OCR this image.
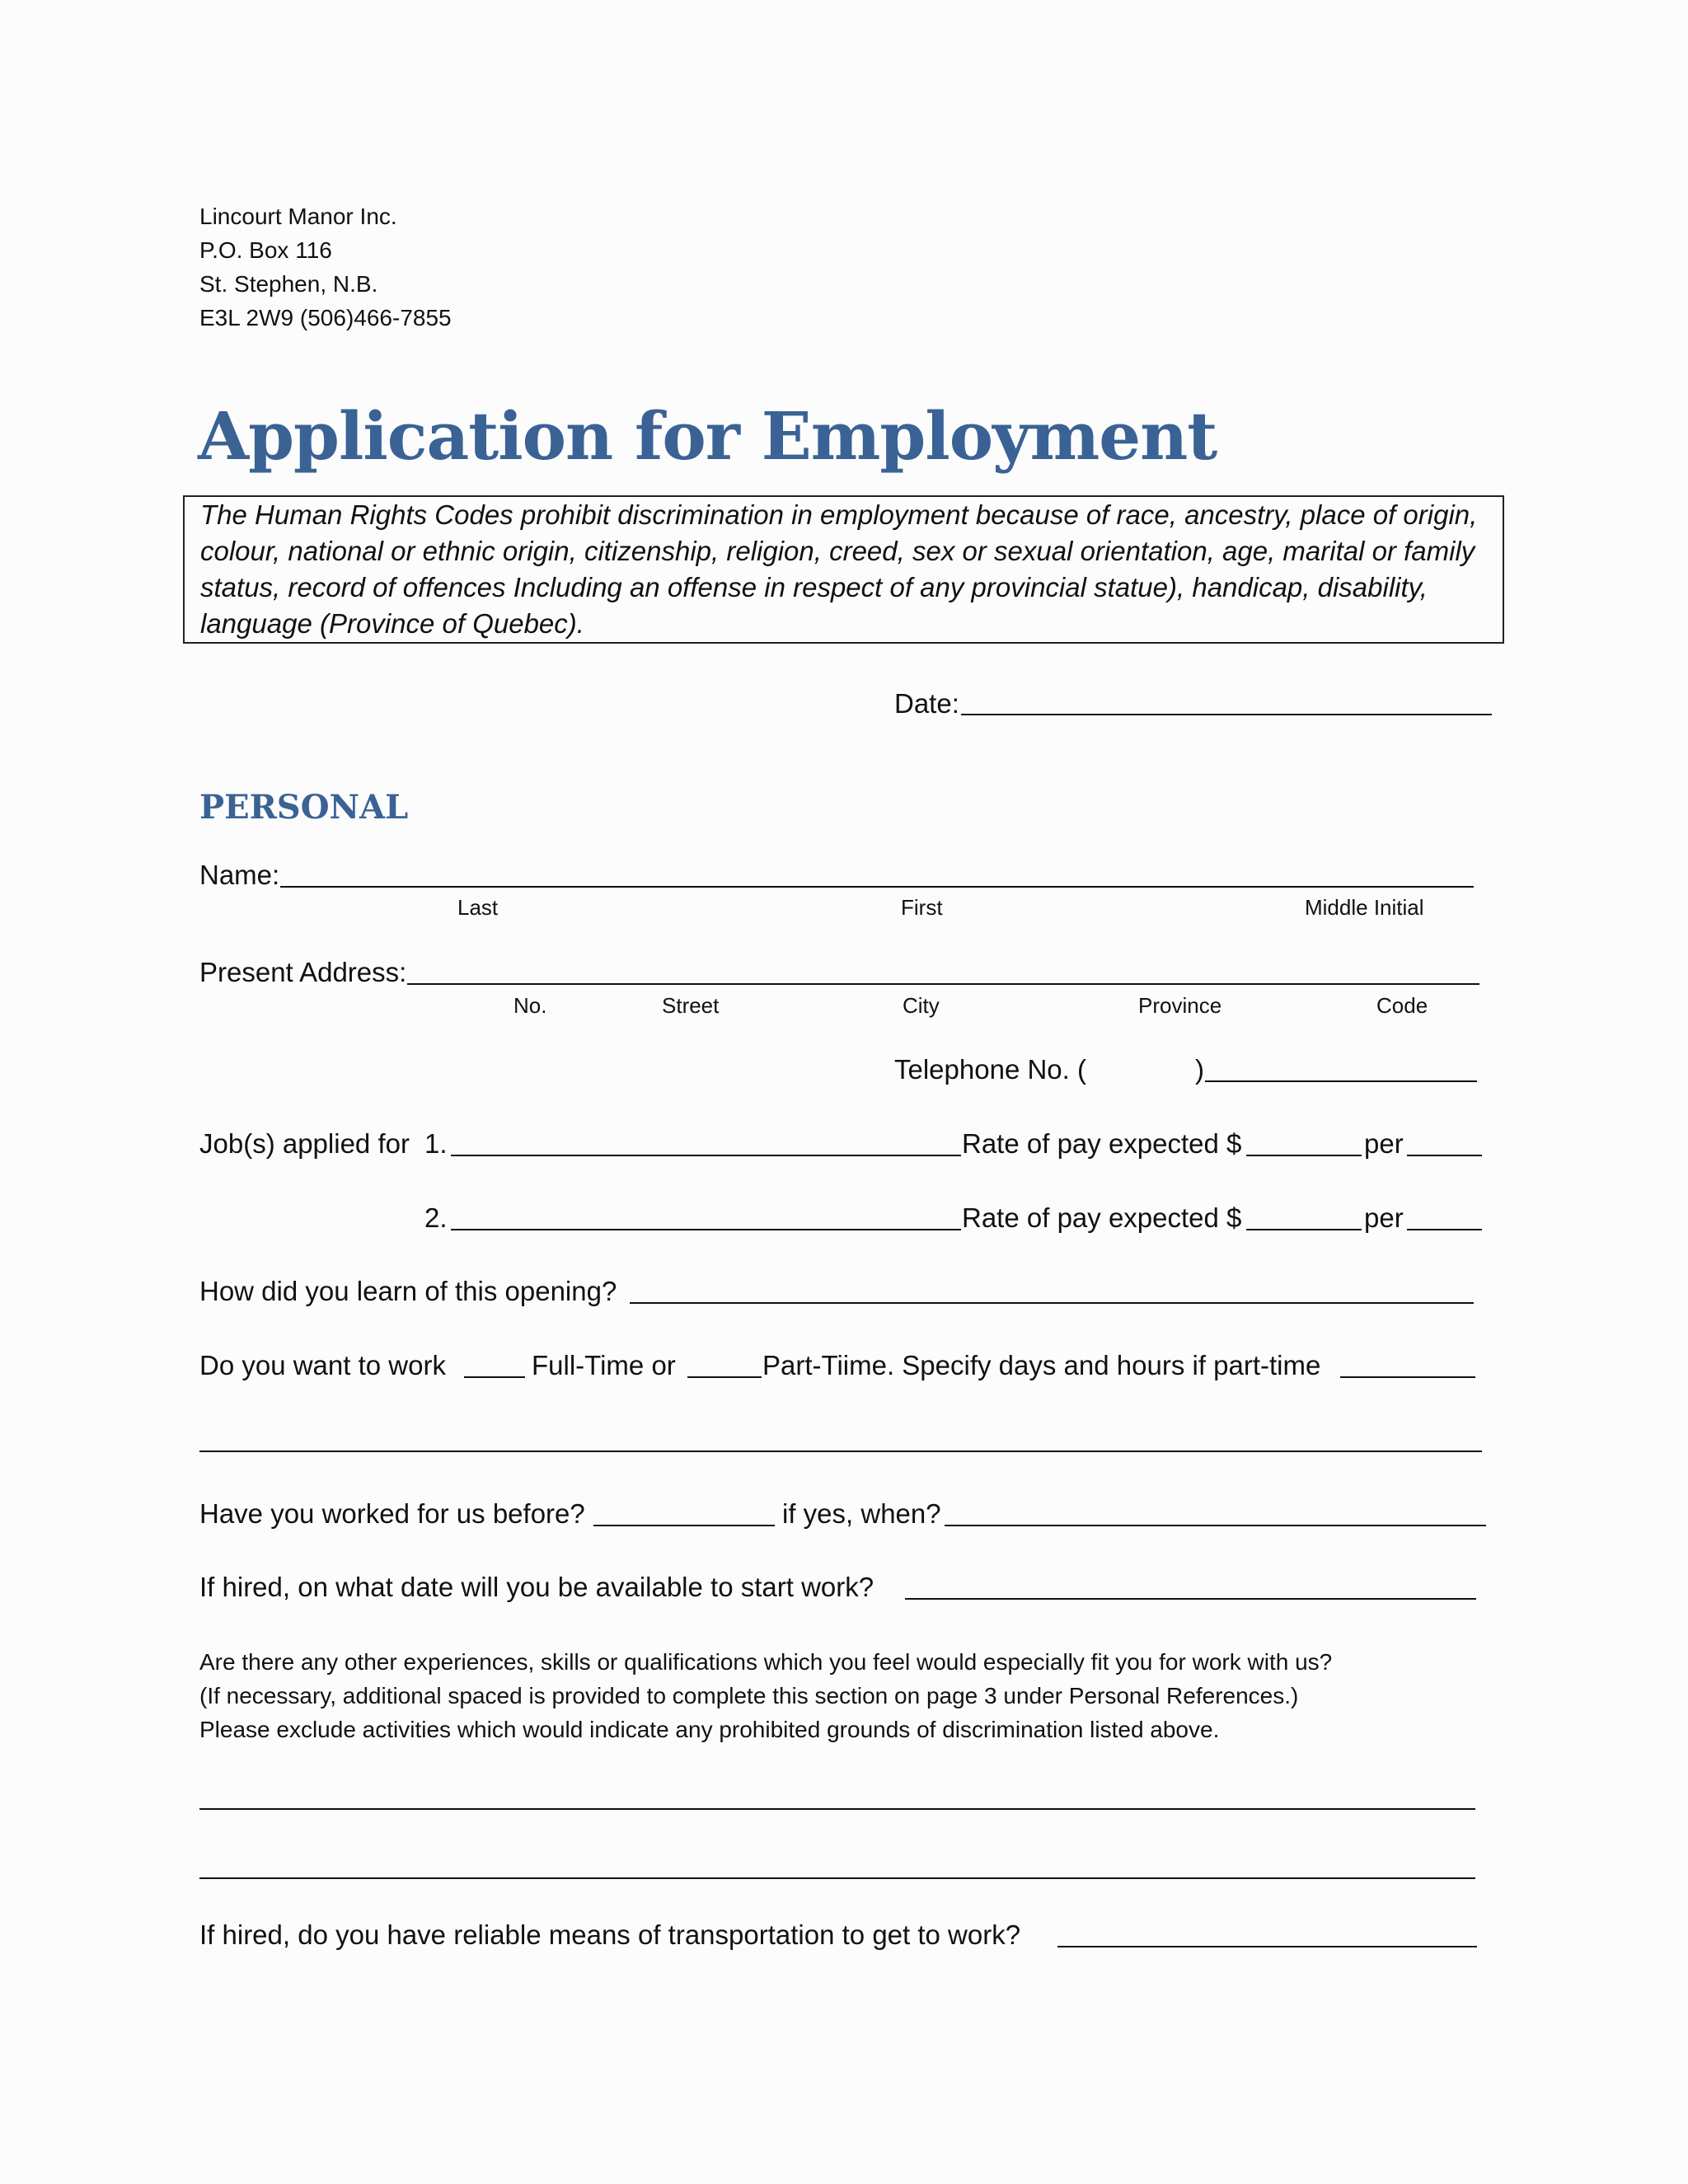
Lincourt Manor Inc.
P.O. Box 116
St. Stephen, N.B.
E3L 2W9 (506)466-7855
Application for Employment
The Human Rights Codes prohibit discrimination in employment because of race, ancestry, place of origin, colour, national or ethnic origin, citizenship, religion, creed, sex or sexual orientation, age, marital or family status, record of offences Including an offense in respect of any provincial statue), handicap, disability, language (Province of Quebec).
Date:
PERSONAL
Name:
Last	First	Middle Initial
Present Address:
No.	Street	City	Province	Code
Telephone No. (	)
Job(s) applied for 1.	Rate of pay expected $	per
2.	Rate of pay expected $	per
How did you learn of this opening?
Do you want to work	Full-Time or	Part-Tiime. Specify days and hours if part-time
Have you worked for us before?	if yes, when?
If hired, on what date will you be available to start work?
Are there any other experiences, skills or qualifications which you feel would especially fit you for work with us?
(If necessary, additional spaced is provided to complete this section on page 3 under Personal References.)
Please exclude activities which would indicate any prohibited grounds of discrimination listed above.
If hired, do you have reliable means of transportation to get to work?
